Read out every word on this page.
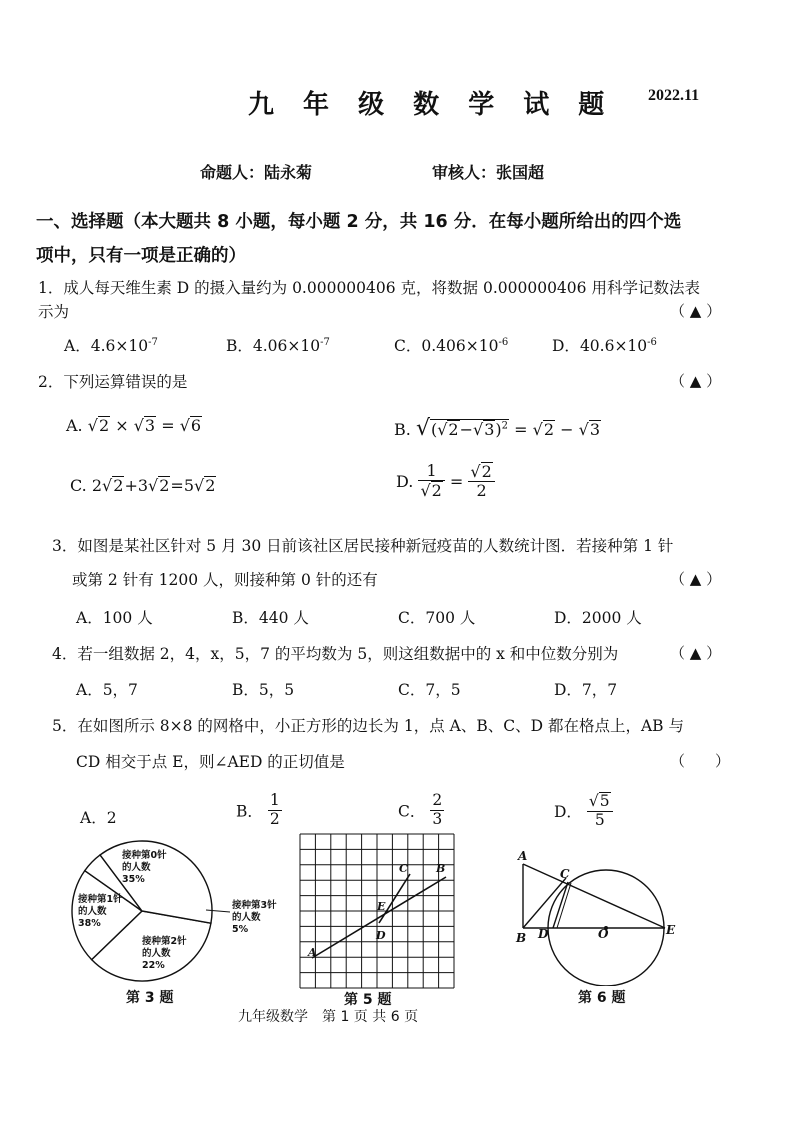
九 年 级 数 学 试 题 2022.11
命题人：陆永菊	审核人：张国超
一、选择题（本大题共 8 小题，每小题 2 分，共 16 分．在每小题所给出的四个选
项中，只有一项是正确的）
1．成人每天维生素 D 的摄入量约为 0.000000406 克，将数据 0.000000406 用科学记数法表
示为	（ ▲ ）
A．$4.6\times 10^{-7}$	B．$4.06\times 10^{-7}$	C．$0.406\times 10^{-6}$	D．$40.6\times 10^{-6}$
2．下列运算错误的是	（ ▲ ）
A. √2 × √3 = √6	B. $√(√2-√3)^2 = √2 - √3$
C. 2√2+3√2=5√2	D. $\frac{1}{√2} = \frac{√2}{2}$
3．如图是某社区针对 5 月 30 日前该社区居民接种新冠疫苗的人数统计图．若接种第 1 针
或第 2 针有 1200 人，则接种第 0 针的还有	（ ▲ ）
A．100 人	B．440 人	C．700 人	D．2000 人
4．若一组数据 2，4，x，5，7 的平均数为 5，则这组数据中的 x 和中位数分别为	（ ▲ ）
A．5，7	B．5，5	C．7，5	D．7，7
5．在如图所示 8×8 的网格中，小正方形的边长为 1，点 A、B、C、D 都在格点上，AB 与
CD 相交于点 E，则∠AED 的正切值是	（　　）
A．2	B． $\frac{1}{2}$	C． $\frac{2}{3}$	D． $\frac{√5}{5}$
接种第0针
的人数
35%
接种第2针
的人数
22%
接种第3针
的人数
5%
接种第1针
的人数
38%
第 3 题
A
B
C
D
E
第 5 题
A
B
C
D	O	E
第 6 题
九年级数学　第 1 页 共 6 页
